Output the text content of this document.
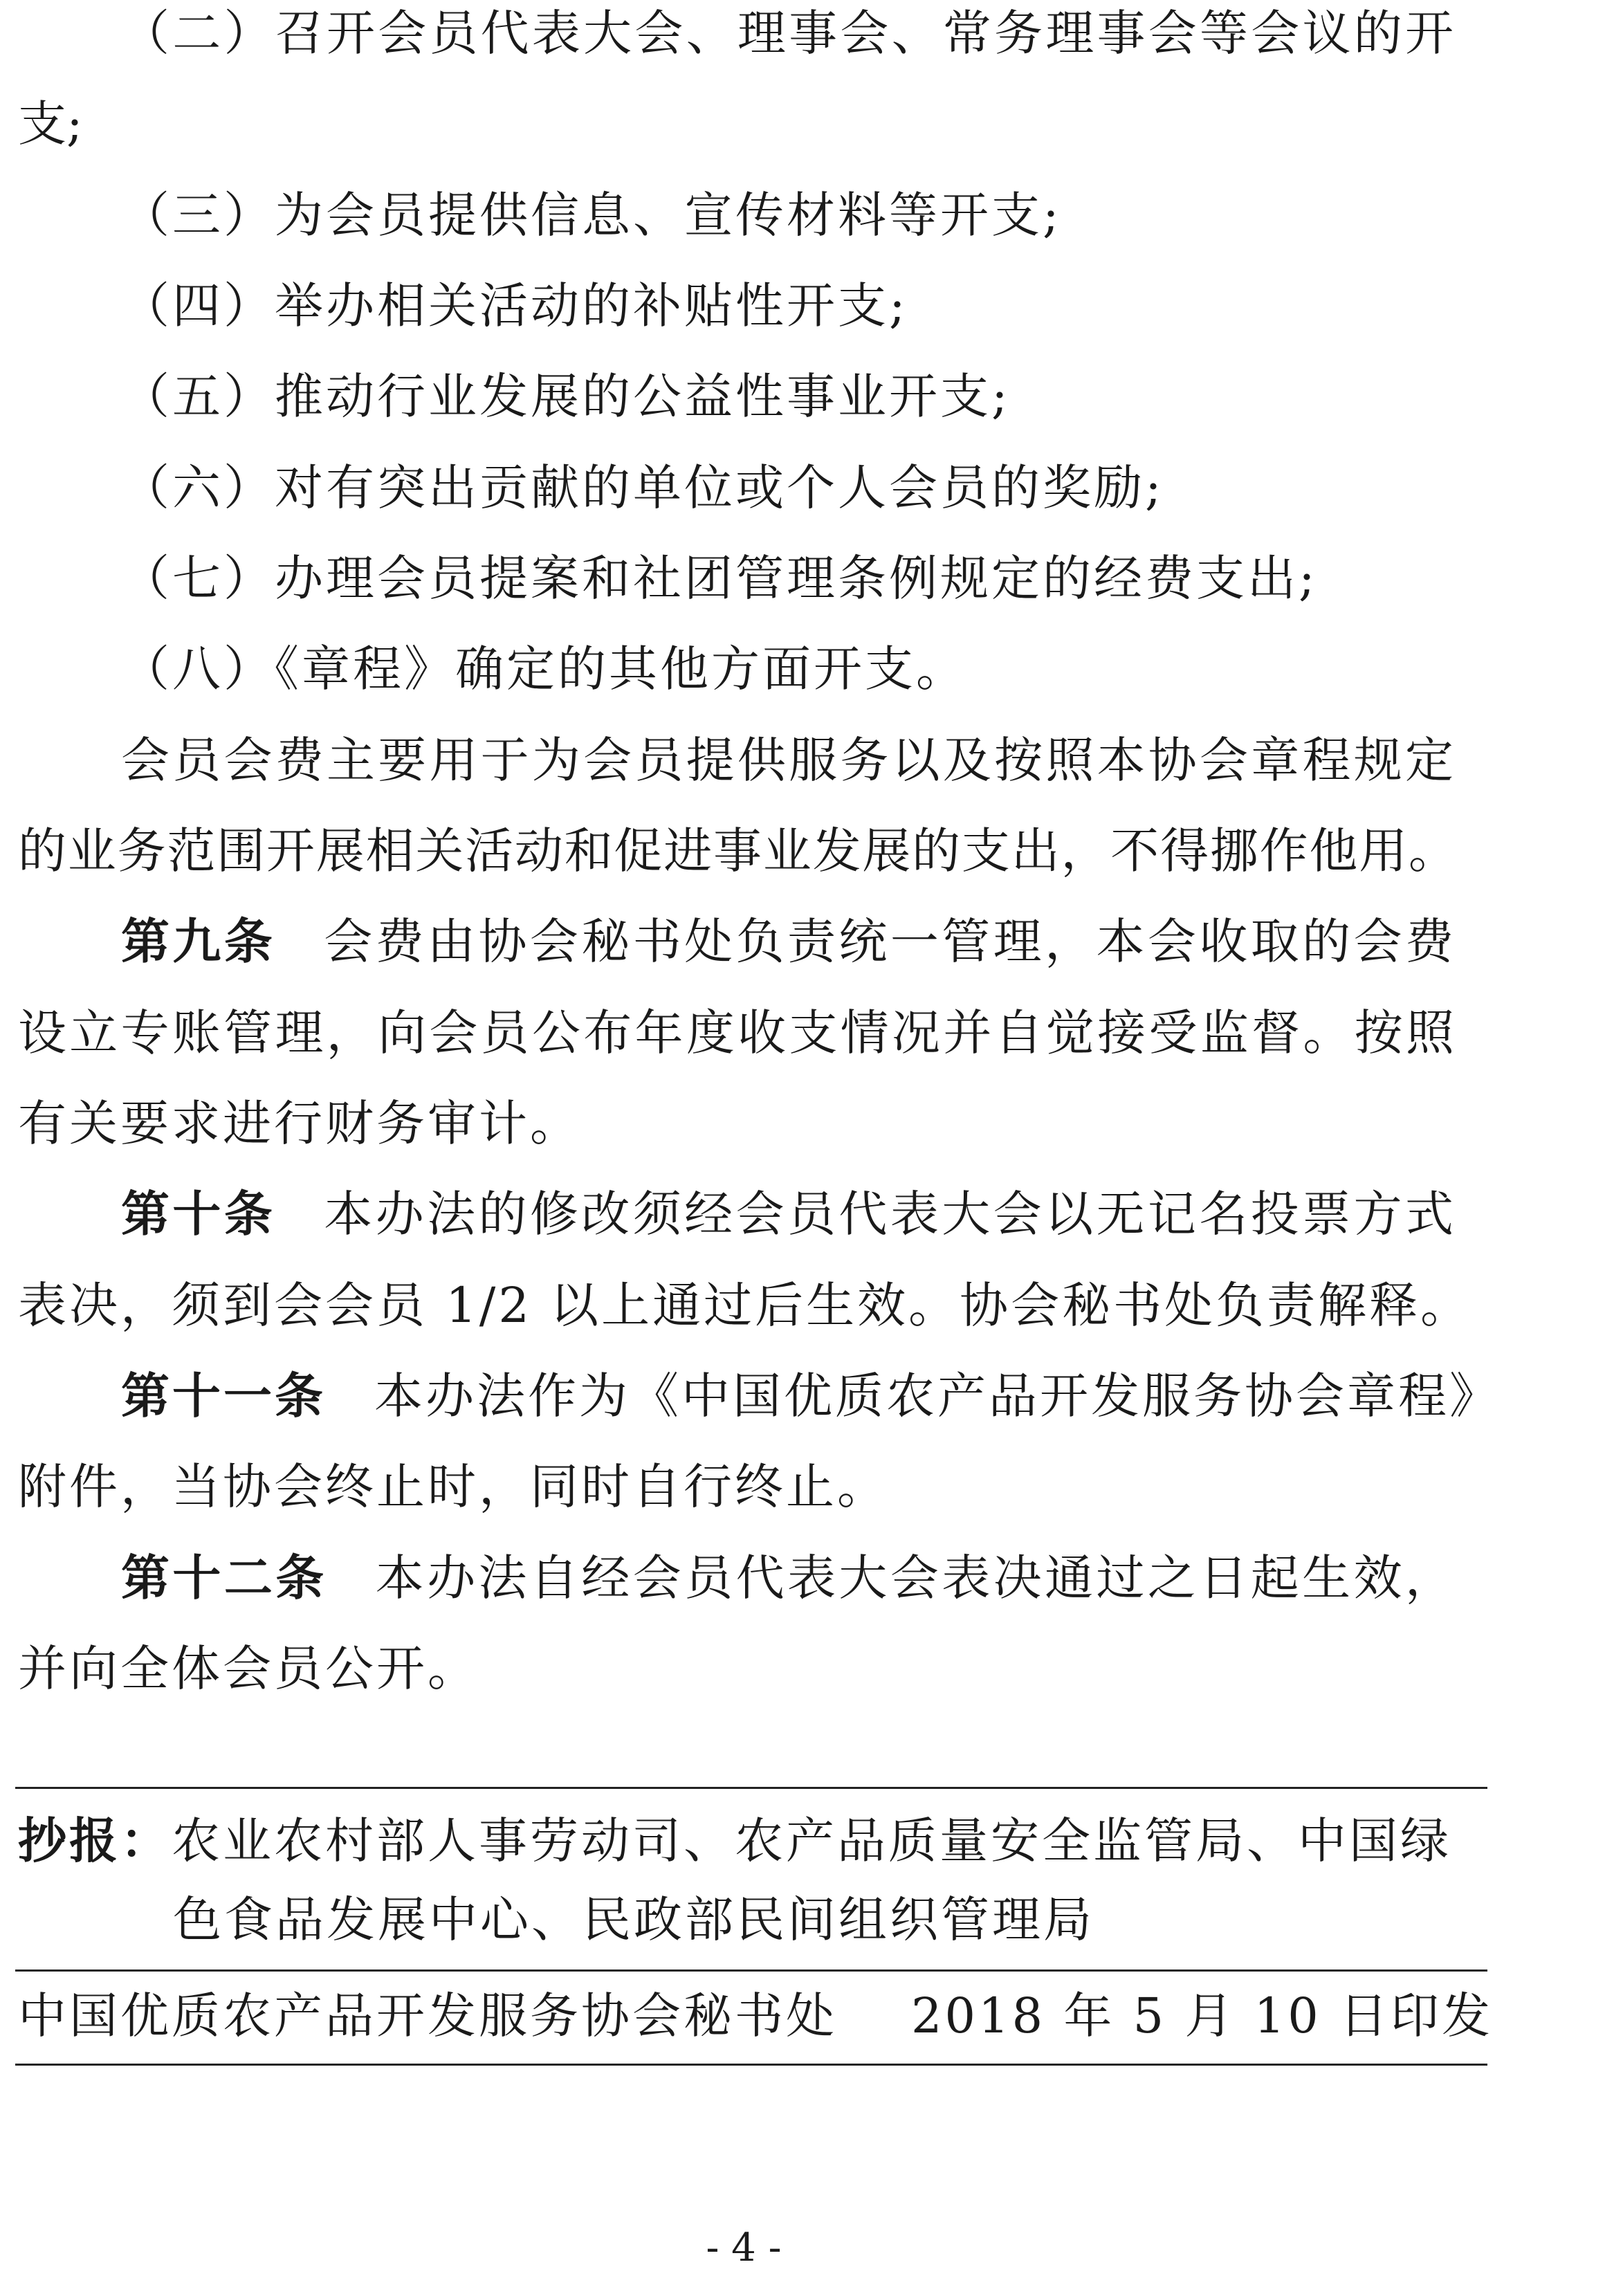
（二）召开会员代表大会、理事会、常务理事会等会议的开
支;
（三）为会员提供信息、宣传材料等开支;
（四）举办相关活动的补贴性开支;
（五）推动行业发展的公益性事业开支;
（六）对有突出贡献的单位或个人会员的奖励;
（七）办理会员提案和社团管理条例规定的经费支出;
（八）《章程》确定的其他方面开支。
会员会费主要用于为会员提供服务以及按照本协会章程规定
的业务范围开展相关活动和促进事业发展的支出，不得挪作他用。
第九条 会费由协会秘书处负责统一管理，本会收取的会费
设立专账管理，向会员公布年度收支情况并自觉接受监督。按照
有关要求进行财务审计。
第十条 本办法的修改须经会员代表大会以无记名投票方式
表决，须到会会员 1/2 以上通过后生效。协会秘书处负责解释。
第十一条 本办法作为《中国优质农产品开发服务协会章程》
附件，当协会终止时，同时自行终止。
第十二条 本办法自经会员代表大会表决通过之日起生效，
并向全体会员公开。
抄报：农业农村部人事劳动司、农产品质量安全监管局、中国绿
色食品发展中心、民政部民间组织管理局
中国优质农产品开发服务协会秘书处 2018 年 5 月 10 日印发
- 4 -
